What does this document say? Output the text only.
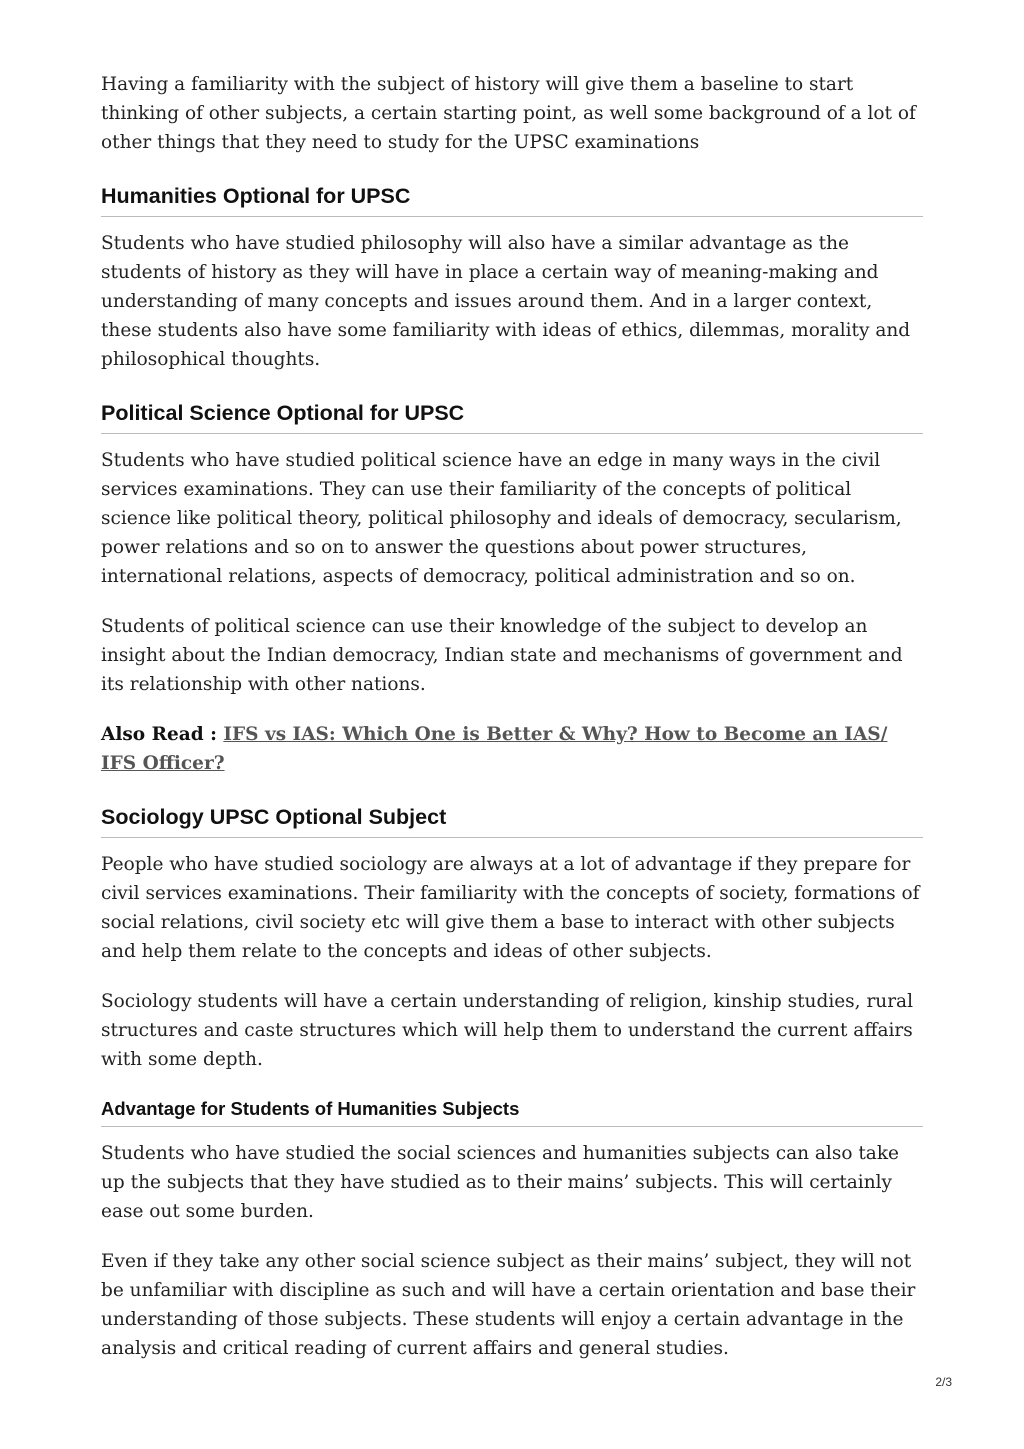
Having a familiarity with the subject of history will give them a baseline to start thinking of other subjects, a certain starting point, as well some background of a lot of other things that they need to study for the UPSC examinations

Humanities Optional for UPSC

Students who have studied philosophy will also have a similar advantage as the students of history as they will have in place a certain way of meaning-making and understanding of many concepts and issues around them. And in a larger context, these students also have some familiarity with ideas of ethics, dilemmas, morality and philosophical thoughts.

Political Science Optional for UPSC

Students who have studied political science have an edge in many ways in the civil services examinations. They can use their familiarity of the concepts of political science like political theory, political philosophy and ideals of democracy, secularism, power relations and so on to answer the questions about power structures, international relations, aspects of democracy, political administration and so on.

Students of political science can use their knowledge of the subject to develop an insight about the Indian democracy, Indian state and mechanisms of government and its relationship with other nations.

Also Read : IFS vs IAS: Which One is Better & Why? How to Become an IAS/ IFS Officer?

Sociology UPSC Optional Subject

People who have studied sociology are always at a lot of advantage if they prepare for civil services examinations. Their familiarity with the concepts of society, formations of social relations, civil society etc will give them a base to interact with other subjects and help them relate to the concepts and ideas of other subjects.

Sociology students will have a certain understanding of religion, kinship studies, rural structures and caste structures which will help them to understand the current affairs with some depth.

Advantage for Students of Humanities Subjects

Students who have studied the social sciences and humanities subjects can also take up the subjects that they have studied as to their mains’ subjects. This will certainly ease out some burden.

Even if they take any other social science subject as their mains’ subject, they will not be unfamiliar with discipline as such and will have a certain orientation and base their understanding of those subjects. These students will enjoy a certain advantage in the analysis and critical reading of current affairs and general studies.

2/3
